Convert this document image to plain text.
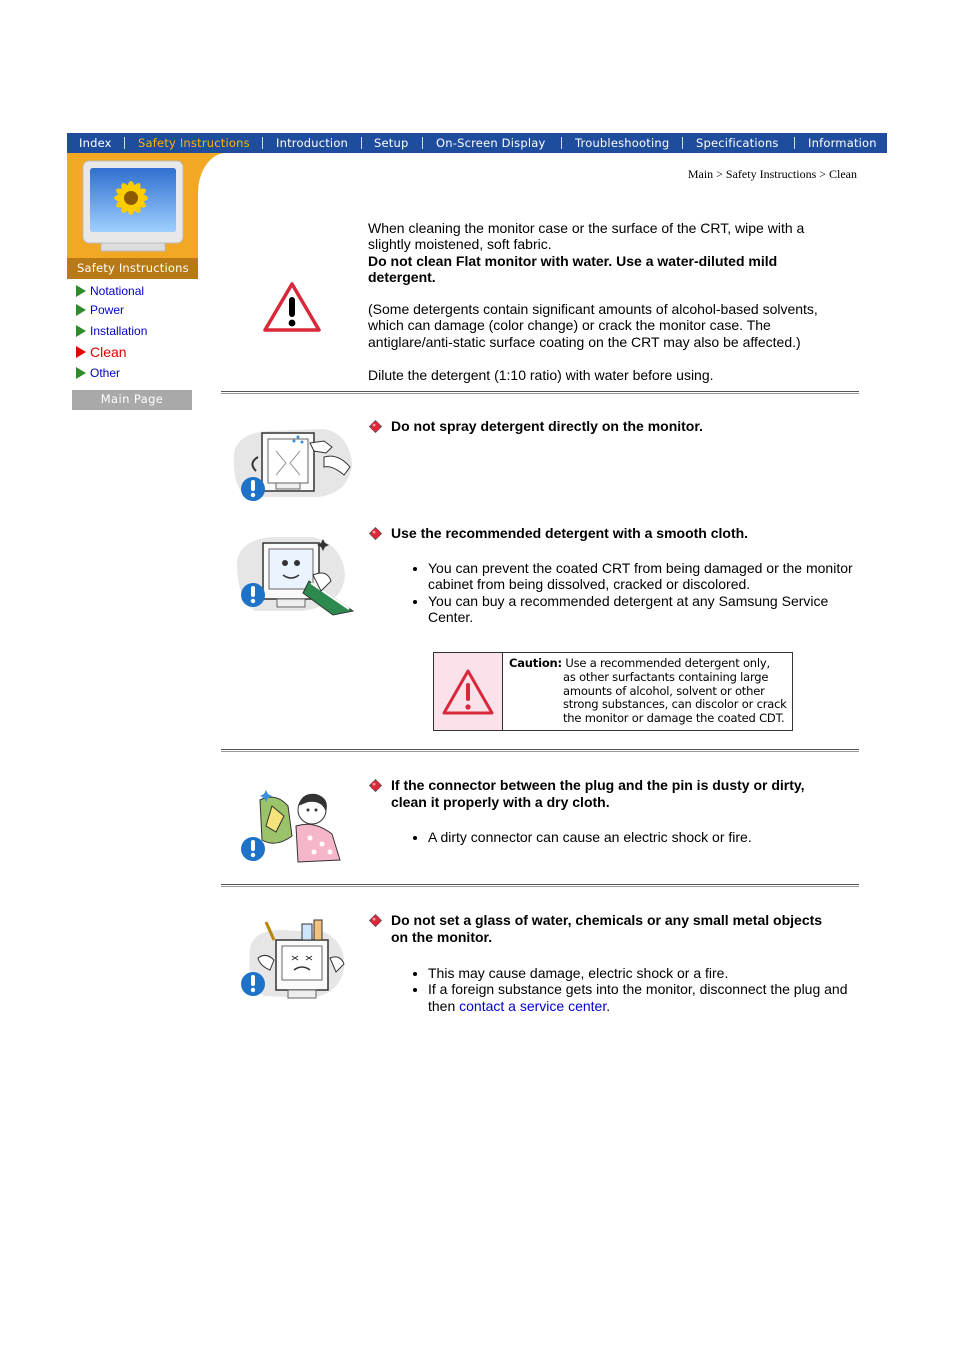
Index Safety Instructions Introduction Setup On-Screen Display	Troubleshooting Specifications	Information
Safety Instructions
Notational
Power
Installation
Clean
Other
Main Page
Main > Safety Instructions > Clean

When cleaning the monitor case or the surface of the CRT, wipe with a slightly moistened, soft fabric.

Do not clean Flat monitor with water. Use a water-diluted mild detergent.

(Some detergents contain significant amounts of alcohol-based solvents, which can damage (color change) or crack the monitor case. The antiglare/anti-static surface coating on the CRT may also be affected.)

Dilute the detergent (1:10 ratio) with water before using.

Do not spray detergent directly on the monitor.
Use the recommended detergent with a smooth cloth.
• You can prevent the coated CRT from being damaged or the monitor cabinet from being dissolved, cracked or discolored.
• You can buy a recommended detergent at any Samsung Service Center.
Caution: Use a recommended detergent only,
as other surfactants containing large
amounts of alcohol, solvent or other
strong substances, can discolor or crack
the monitor or damage the coated CDT.
If the connector between the plug and the pin is dusty or dirty, clean it properly with a dry cloth.
• A dirty connector can cause an electric shock or fire.
Do not set a glass of water, chemicals or any small metal objects on the monitor.
• This may cause damage, electric shock or a fire.
• If a foreign substance gets into the monitor, disconnect the plug and then contact a service center.
